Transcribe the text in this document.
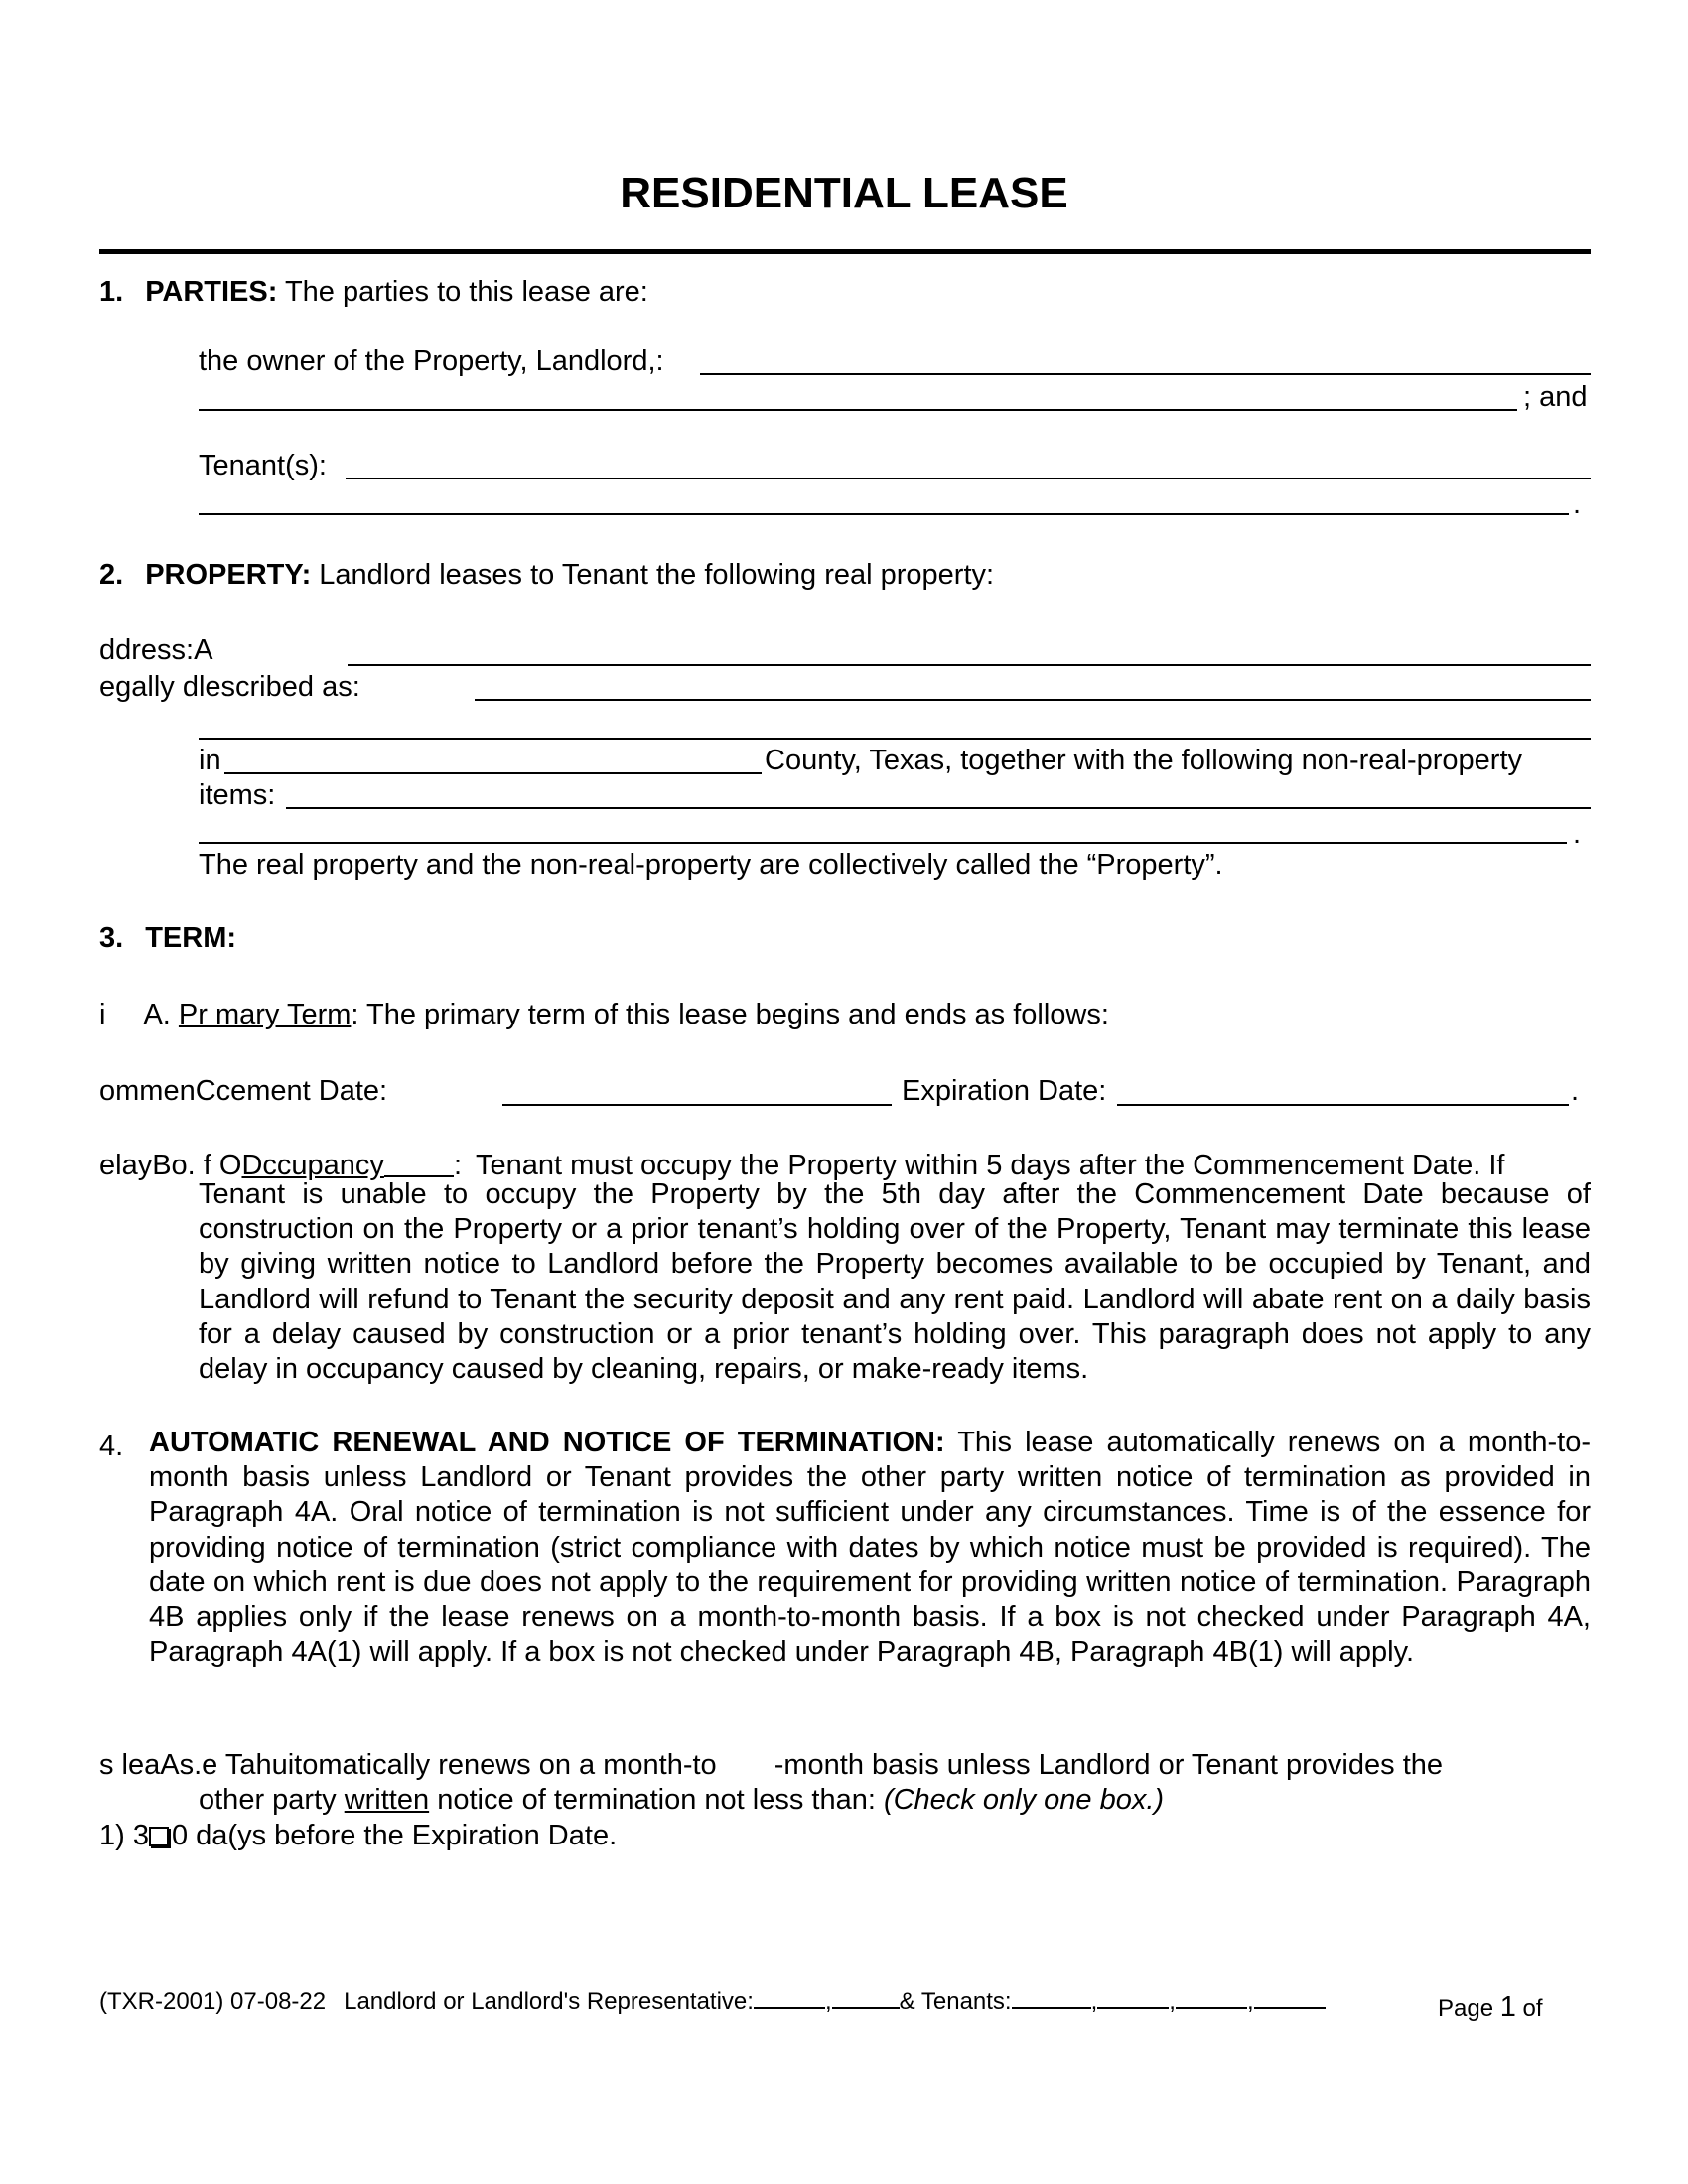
RESIDENTIAL LEASE
1. PARTIES: The parties to this lease are:
the owner of the Property, Landlord,:
; and
Tenant(s):
.
2. PROPERTY: Landlord leases to Tenant the following real property:
ddress:A
egally dlescribed as:
in	County, Texas, together with the following non-real-property
items:
.
The real property and the non-real-property are collectively called the “Property”.
3. TERM:
i A. Pr mary Term: The primary term of this lease begins and ends as follows:
ommenCcement Date:	Expiration Date:	.
elayBo. f ODccupancy : Tenant must occupy the Property within 5 days after the Commencement Date. If
Tenant is unable to occupy the Property by the 5th day after the Commencement Date because of construction on the Property or a prior tenant’s holding over of the Property, Tenant may terminate this lease by giving written notice to Landlord before the Property becomes available to be occupied by Tenant, and Landlord will refund to Tenant the security deposit and any rent paid. Landlord will abate rent on a daily basis for a delay caused by construction or a prior tenant’s holding over. This paragraph does not apply to any delay in occupancy caused by cleaning, repairs, or make-ready items.
4. AUTOMATIC RENEWAL AND NOTICE OF TERMINATION: This lease automatically renews on a month-to-month basis unless Landlord or Tenant provides the other party written notice of termination as provided in Paragraph 4A. Oral notice of termination is not sufficient under any circumstances. Time is of the essence for providing notice of termination (strict compliance with dates by which notice must be provided is required). The date on which rent is due does not apply to the requirement for providing written notice of termination. Paragraph 4B applies only if the lease renews on a month-to-month basis. If a box is not checked under Paragraph 4A, Paragraph 4A(1) will apply. If a box is not checked under Paragraph 4B, Paragraph 4B(1) will apply.
s leaAs.e Tahuitomatically renews on a month-to -month basis unless Landlord or Tenant provides the
other party written notice of termination not less than: (Check only one box.)
1) 3 0 da(ys before the Expiration Date.
(TXR-2001) 07-08-22 Landlord or Landlord's Representative:	,	& Tenants:	,	,	,	Page 1 of
